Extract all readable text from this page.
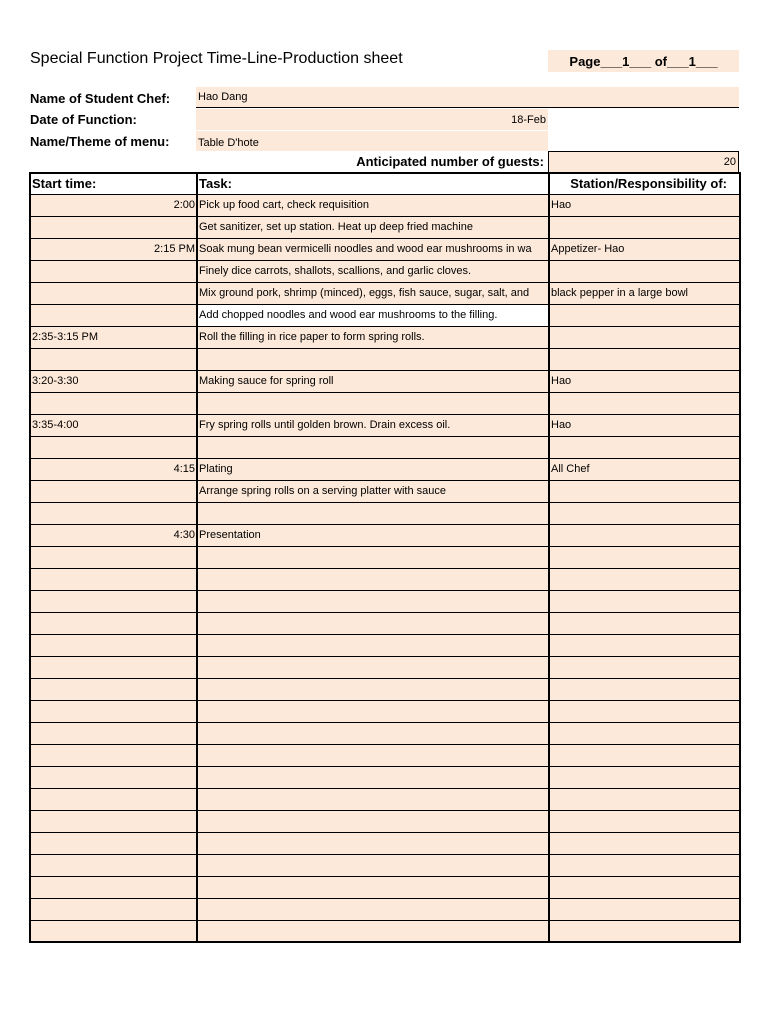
Special Function Project Time-Line-Production sheet	Page___1___ of___1___
Name of Student Chef:	Hao Dang
Date of Function:	18-Feb
Name/Theme of menu:	Table D'hote
Anticipated number of guests:	20
Start time:	Task:	Station/Responsibility of:
2:00	Pick up food cart, check requisition	Hao
	Get sanitizer, set up station. Heat up deep fried machine	
2:15 PM	Soak mung bean vermicelli noodles and wood ear mushrooms in wa	Appetizer- Hao
	Finely dice carrots, shallots, scallions, and garlic cloves.	
	Mix ground pork, shrimp (minced), eggs, fish sauce, sugar, salt, and	black pepper in a large bowl
	Add chopped noodles and wood ear mushrooms to the filling.	
2:35-3:15 PM	Roll the filling in rice paper to form spring rolls.	

3:20-3:30	Making sauce for spring roll	Hao

3:35-4:00	Fry spring rolls until golden brown. Drain excess oil.	Hao

4:15	Plating	All Chef
	Arrange spring rolls on a serving platter with sauce	

4:30	Presentation	
